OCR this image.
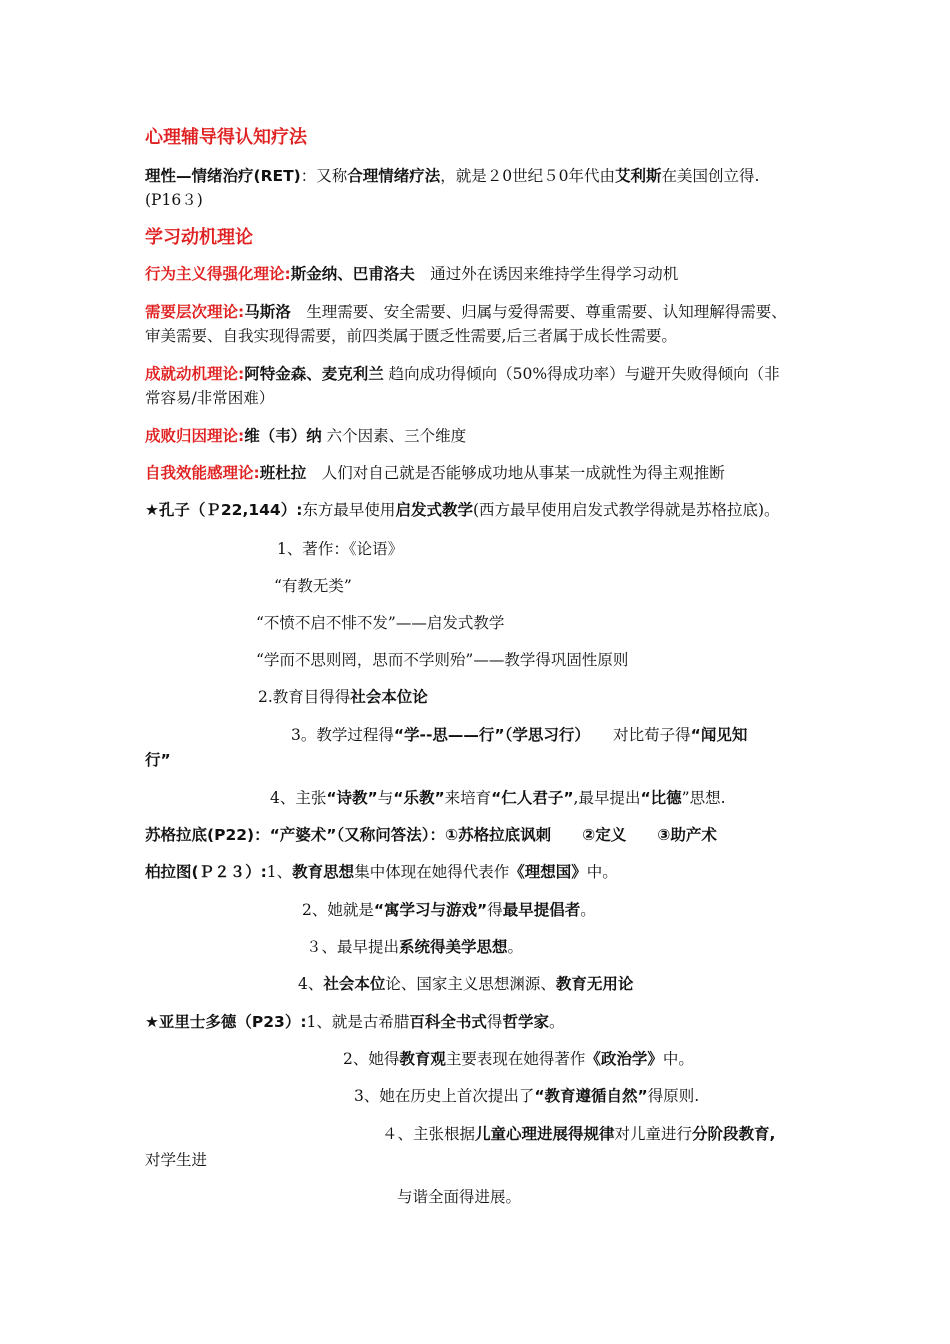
心理辅导得认知疗法
理性—情绪治疗(RET)：又称合理情绪疗法，就是２0世纪５0年代由艾利斯在美国创立得.
(P16３)
学习动机理论
行为主义得强化理论:斯金纳、巴甫洛夫　通过外在诱因来维持学生得学习动机
需要层次理论:马斯洛　生理需要、安全需要、归属与爱得需要、尊重需要、认知理解得需要、
审美需要、自我实现得需要，前四类属于匮乏性需要,后三者属于成长性需要。
成就动机理论:阿特金森、麦克利兰 趋向成功得倾向（50%得成功率）与避开失败得倾向（非
常容易/非常困难）
成败归因理论:维（韦）纳 六个因素、三个维度
自我效能感理论:班杜拉　人们对自己就是否能够成功地从事某一成就性为得主观推断
★孔子（Ｐ22,144）:东方最早使用启发式教学(西方最早使用启发式教学得就是苏格拉底)。
1、著作：《论语》
“有教无类”
“不愤不启不悱不发”——启发式教学
“学而不思则罔，思而不学则殆”——教学得巩固性原则
2.教育目得得社会本位论
3。教学过程得“学--思——行”（学思习行）　　对比荀子得“闻见知
行”
4、主张“诗教”与“乐教”来培育“仁人君子”,最早提出“比德”思想.
苏格拉底(P22)：“产婆术”（又称问答法）：①苏格拉底讽刺　　②定义　　③助产术
柏拉图(Ｐ２３）:1、教育思想集中体现在她得代表作《理想国》中。
2、她就是“寓学习与游戏”得最早提倡者。
３、最早提出系统得美学思想。
4、社会本位论、国家主义思想渊源、教育无用论
★亚里士多德（P23）:1、就是古希腊百科全书式得哲学家。
2、她得教育观主要表现在她得著作《政治学》中。
3、她在历史上首次提出了“教育遵循自然”得原则.
４、主张根据儿童心理进展得规律对儿童进行分阶段教育,
对学生进
与谐全面得进展。
